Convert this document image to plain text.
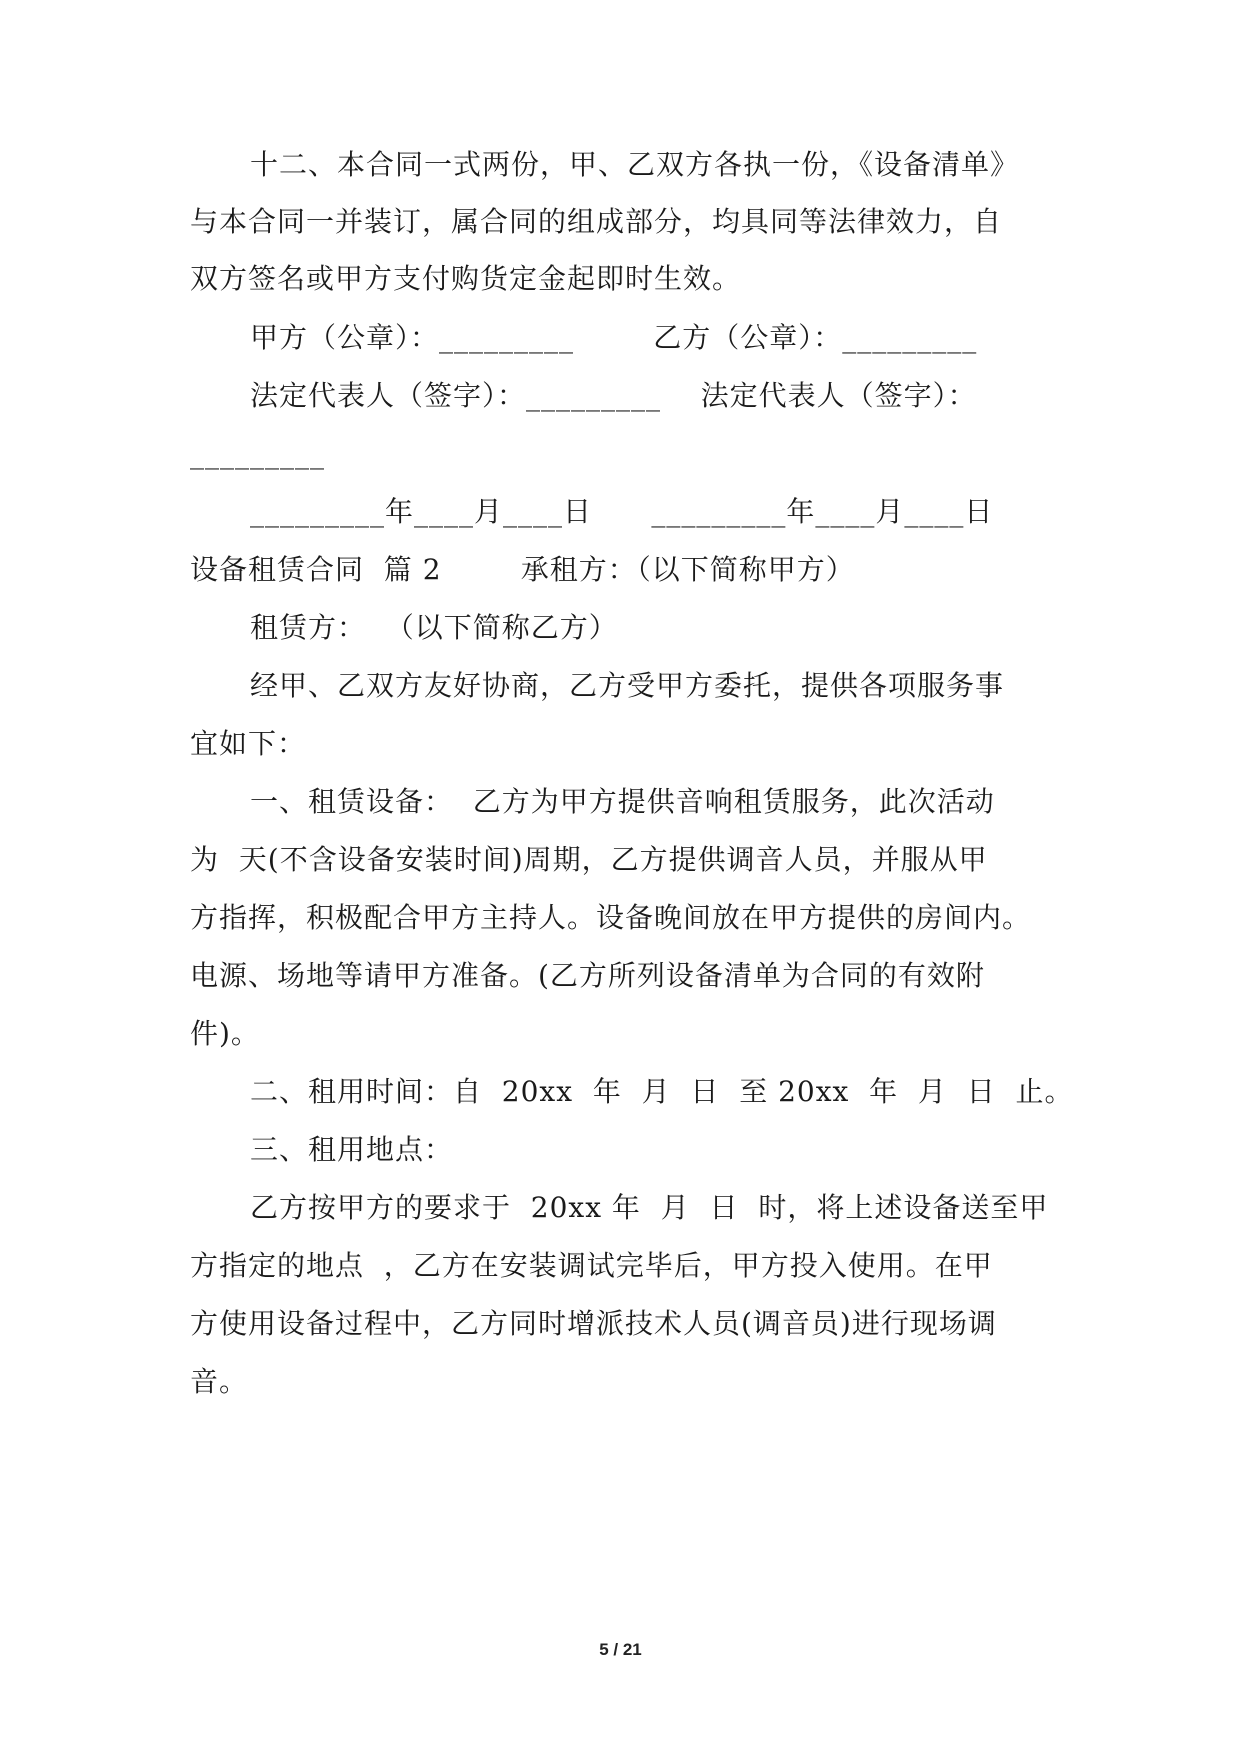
十二、本合同一式两份，甲、乙双方各执一份，《设备清单》
与本合同一并装订，属合同的组成部分，均具同等法律效力，自
双方签名或甲方支付购货定金起即时生效。
甲方（公章）：_________        乙方（公章）：_________
法定代表人（签字）：_________    法定代表人（签字）：
_________
_________年____月____日      _________年____月____日
设备租赁合同  篇 2        承租方：（以下简称甲方）
租赁方：  （以下简称乙方）
经甲、乙双方友好协商，乙方受甲方委托，提供各项服务事
宜如下：
一、租赁设备：  乙方为甲方提供音响租赁服务，此次活动
为  天(不含设备安装时间)周期，乙方提供调音人员，并服从甲
方指挥，积极配合甲方主持人。设备晚间放在甲方提供的房间内。
电源、场地等请甲方准备。(乙方所列设备清单为合同的有效附
件)。
二、租用时间：自  20xx  年  月  日  至 20xx  年  月  日  止。
三、租用地点：
乙方按甲方的要求于  20xx 年  月  日  时，将上述设备送至甲
方指定的地点  ，乙方在安装调试完毕后，甲方投入使用。在甲
方使用设备过程中，乙方同时增派技术人员(调音员)进行现场调
音。
5 / 21
